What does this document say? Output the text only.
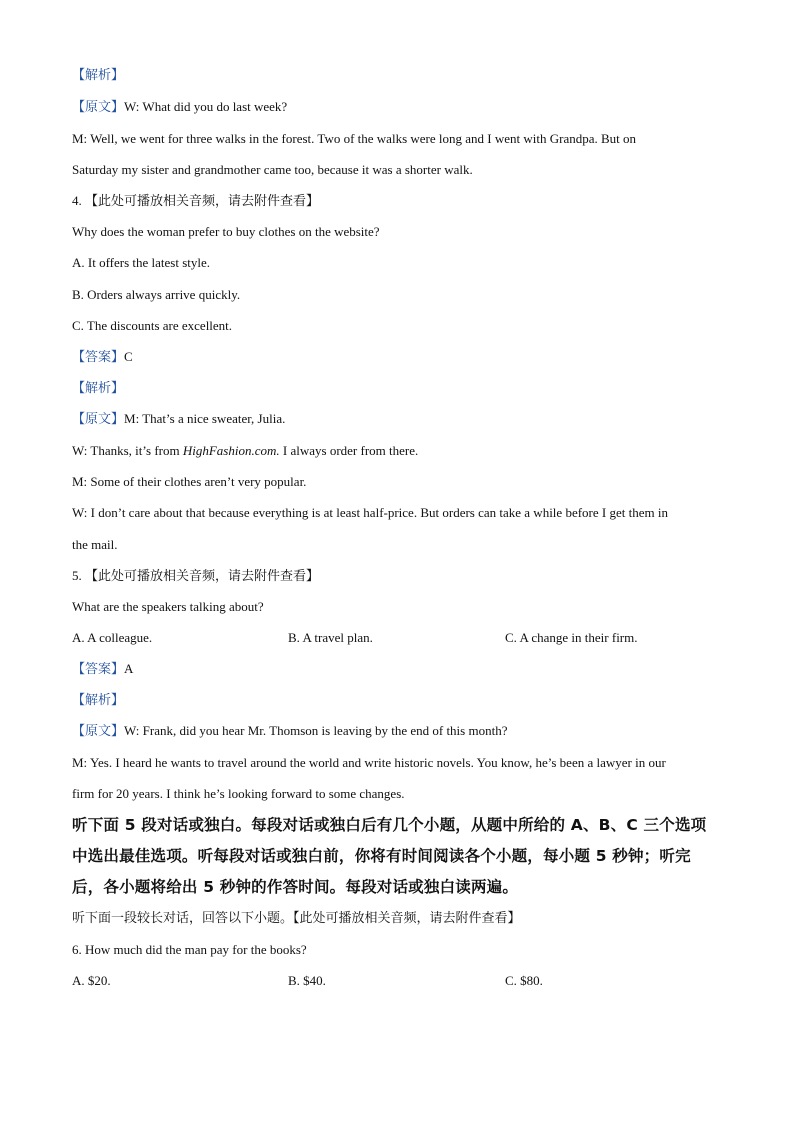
【解析】
【原文】W: What did you do last week?
M: Well, we went for three walks in the forest. Two of the walks were long and I went with Grandpa. But on
Saturday my sister and grandmother came too, because it was a shorter walk.
4. 【此处可播放相关音频，请去附件查看】
Why does the woman prefer to buy clothes on the website?
A. It offers the latest style.
B. Orders always arrive quickly.
C. The discounts are excellent.
【答案】C
【解析】
【原文】M: That’s a nice sweater, Julia.
W: Thanks, it’s from HighFashion.com. I always order from there.
M: Some of their clothes aren’t very popular.
W: I don’t care about that because everything is at least half-price. But orders can take a while before I get them in
the mail.
5. 【此处可播放相关音频，请去附件查看】
What are the speakers talking about?
A. A colleague.	B. A travel plan.	C. A change in their firm.
【答案】A
【解析】
【原文】W: Frank, did you hear Mr. Thomson is leaving by the end of this month?
M: Yes. I heard he wants to travel around the world and write historic novels. You know, he’s been a lawyer in our
firm for 20 years. I think he’s looking forward to some changes.
听下面 5 段对话或独白。每段对话或独白后有几个小题，从题中所给的 A、B、C 三个选项
中选出最佳选项。听每段对话或独白前，你将有时间阅读各个小题，每小题 5 秒钟；听完
后，各小题将给出 5 秒钟的作答时间。每段对话或独白读两遍。
听下面一段较长对话，回答以下小题。【此处可播放相关音频，请去附件查看】
6. How much did the man pay for the books?
A. $20.	B. $40.	C. $80.
